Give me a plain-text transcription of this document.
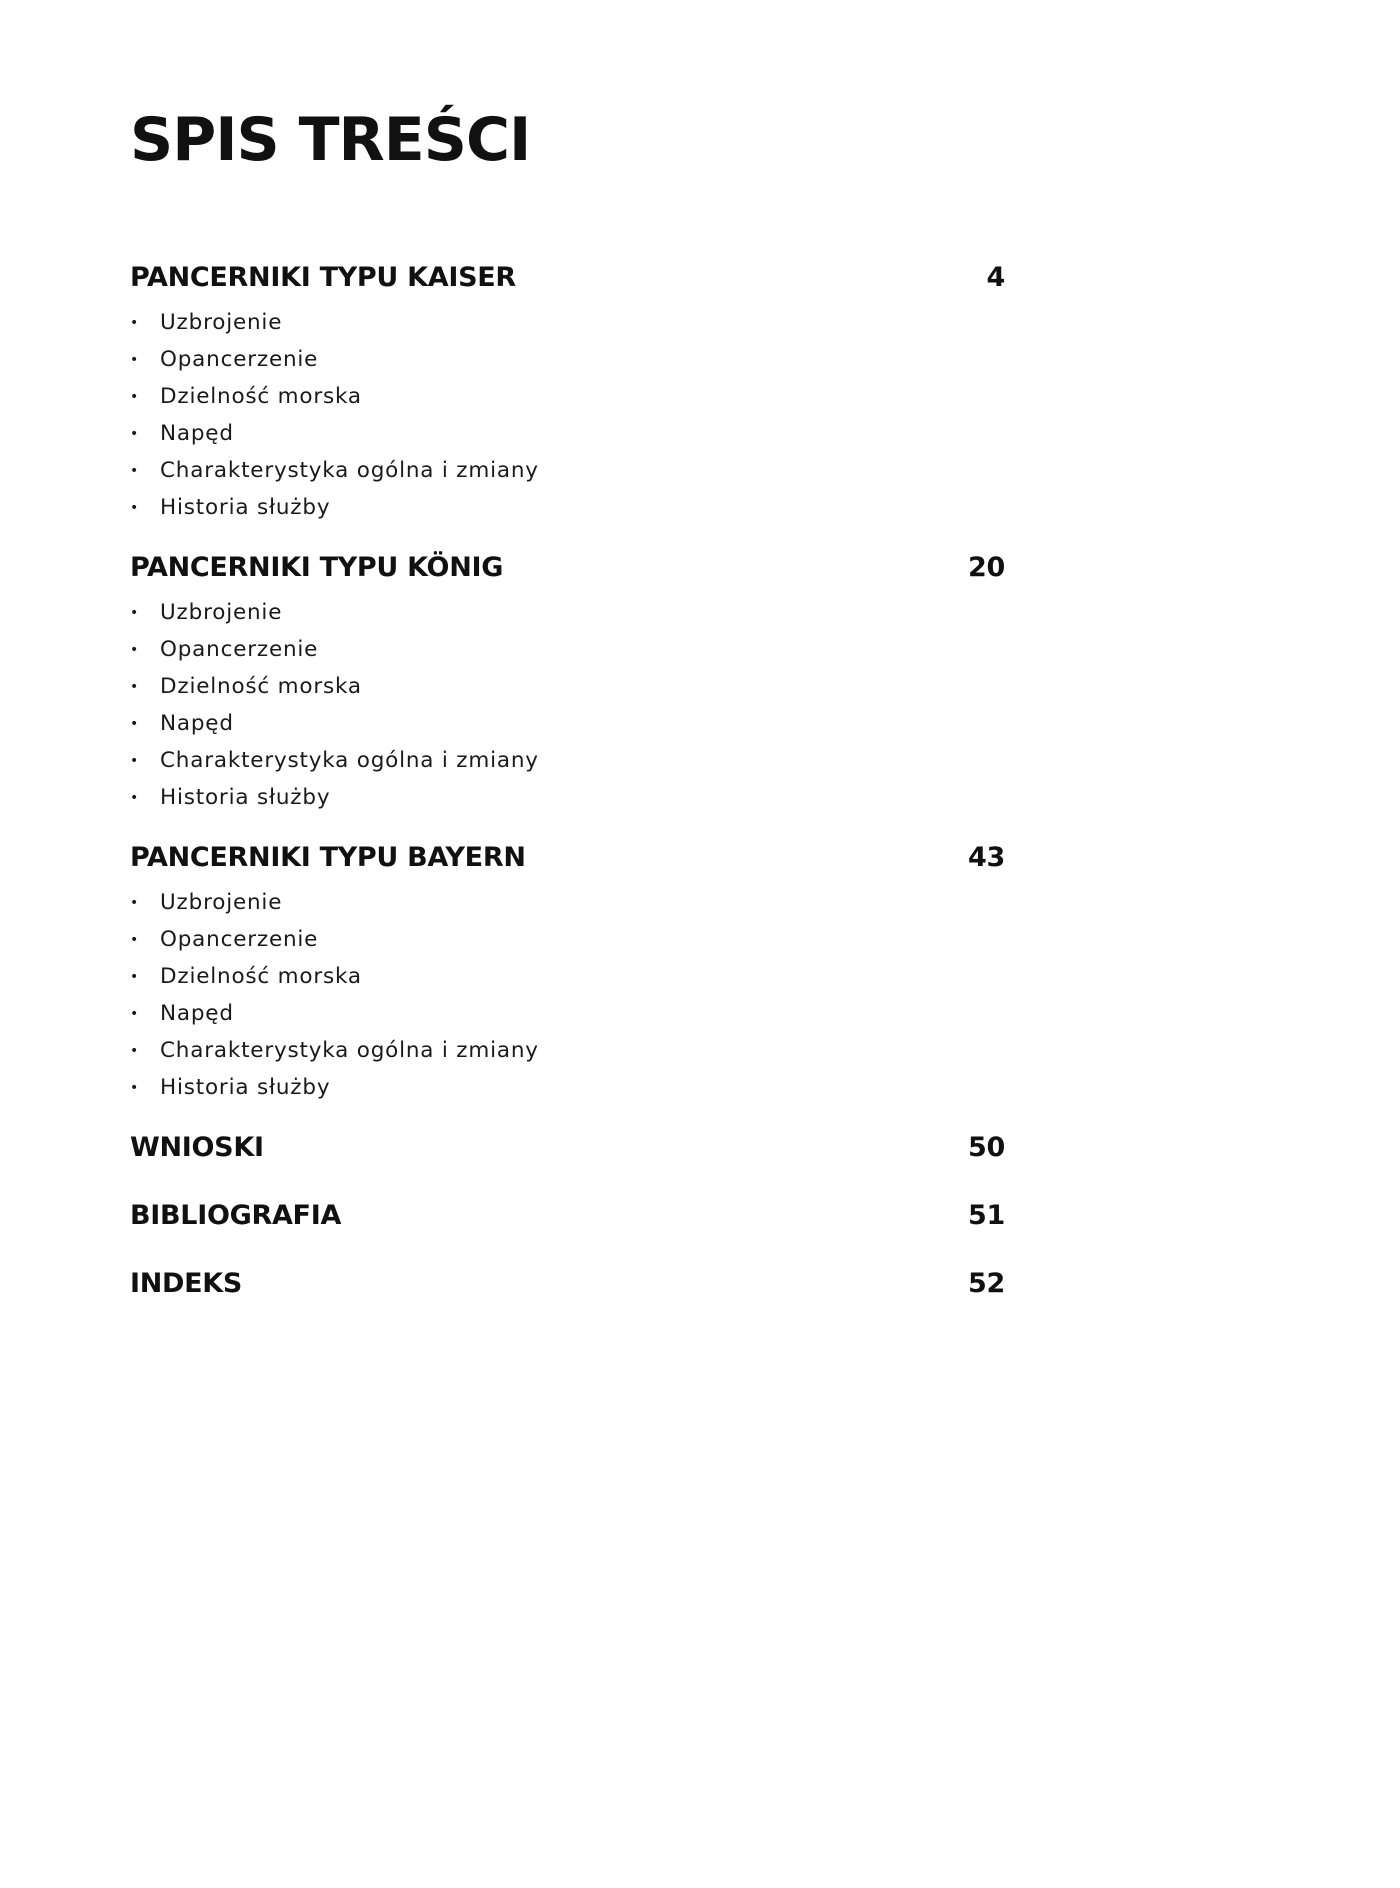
SPIS TREŚCI
PANCERNIKI TYPU KAISER	4
• Uzbrojenie
• Opancerzenie
• Dzielność morska
• Napęd
• Charakterystyka ogólna i zmiany
• Historia służby
PANCERNIKI TYPU KÖNIG	20
• Uzbrojenie
• Opancerzenie
• Dzielność morska
• Napęd
• Charakterystyka ogólna i zmiany
• Historia służby
PANCERNIKI TYPU BAYERN	43
• Uzbrojenie
• Opancerzenie
• Dzielność morska
• Napęd
• Charakterystyka ogólna i zmiany
• Historia służby
WNIOSKI	50
BIBLIOGRAFIA	51
INDEKS	52
